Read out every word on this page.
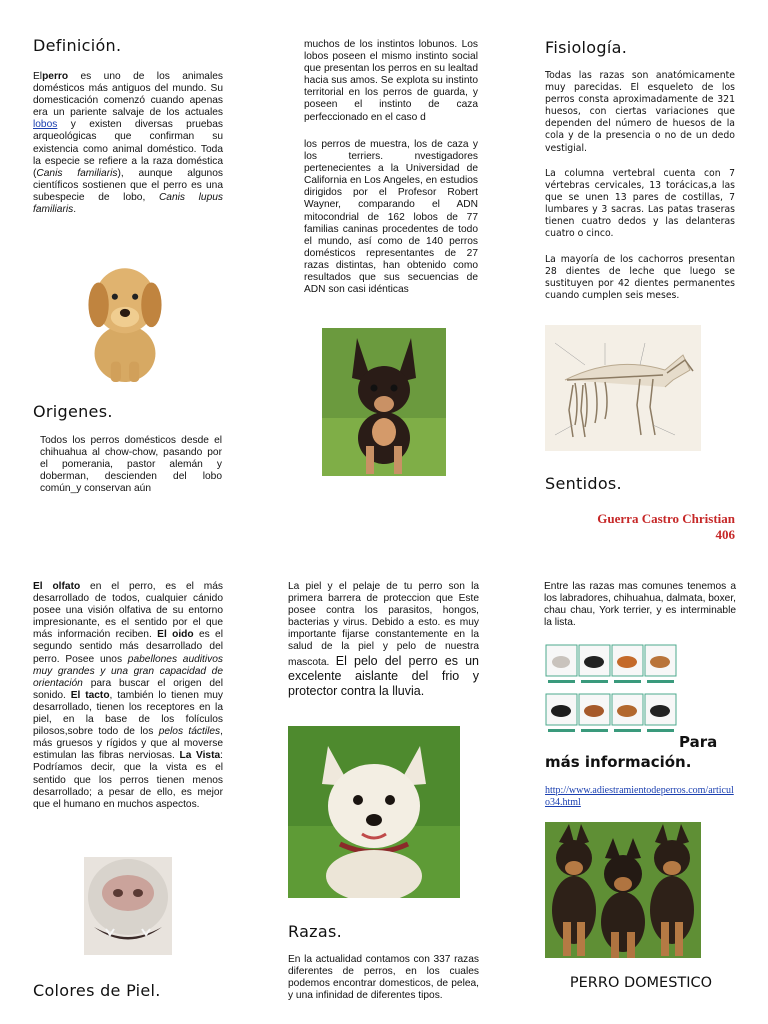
Definición.

Elperro es uno de los animales domésticos más antiguos del mundo. Su domesticación comenzó cuando apenas era un pariente salvaje de los actuales lobos y existen diversas pruebas arqueológicas que confirman su existencia como animal doméstico. Toda la especie se refiere a la raza doméstica (Canis familiaris), aunque algunos científicos sostienen que el perro es una subespecie de lobo, Canis lupus familiaris.

Origenes.

Todos los perros domésticos desde el chihuahua al chow-chow, pasando por el pomerania, pastor alemán y doberman, descienden del lobo común_y conservan aún

muchos de los instintos lobunos. Los lobos poseen el mismo instinto social que presentan los perros en su lealtad hacia sus amos. Se explota su instinto territorial en los perros de guarda, y poseen el instinto de caza perfeccionado en el caso d

los perros de muestra, los de caza y los terriers. nvestigadores pertenecientes a la Universidad de California en Los Angeles, en estudios dirigidos por el Profesor Robert Wayner, comparando el ADN mitocondrial de 162 lobos de 77 familias caninas procedentes de todo el mundo, así como de 140 perros domésticos representantes de 27 razas distintas, han obtenido como resultados que sus secuencias de ADN son casi idénticas

Fisiología.

Todas las razas son anatómicamente muy parecidas. El esqueleto de los perros consta aproximadamente de 321 huesos, con ciertas variaciones que dependen del número de huesos de la cola y de la presencia o no de un dedo vestigial.

La columna vertebral cuenta con 7 vértebras cervicales, 13 torácicas,a las que se unen 13 pares de costillas, 7 lumbares y 3 sacras. Las patas traseras tienen cuatro dedos y las delanteras cuatro o cinco.

La mayoría de los cachorros presentan 28 dientes de leche que luego se sustituyen por 42 dientes permanentes cuando cumplen seis meses.

Sentidos.
Guerra Castro Christian
406

El olfato en el perro, es el más desarrollado de todos, cualquier cánido posee una visión olfativa de su entorno impresionante, es el sentido por el que más información reciben. El oido es el segundo sentido más desarrollado del perro. Posee unos pabellones auditivos muy grandes y una gran capacidad de orientación para buscar el origen del sonido. El tacto, también lo tienen muy desarrollado, tienen los receptores en la piel, en la base de los folículos pilosos,sobre todo de los pelos táctiles, más gruesos y rígidos y que al moverse estimulan las fibras nerviosas. La Vista: Podríamos decir, que la vista es el sentido que los perros tienen menos desarrollado; a pesar de ello, es mejor que el humano en muchos aspectos.

Colores de Piel.

La piel y el pelaje de tu perro son la primera barrera de proteccion que Este posee contra los parasitos, hongos, bacterias y virus. Debido a esto. es muy importante fijarse constantemente en la salud de la piel y pelo de nuestra mascota. El pelo del perro es un excelente aislante del frio y protector contra la lluvia.

Razas.

En la actualidad contamos con 337 razas diferentes de perros, en los cuales podemos encontrar domesticos, de pelea, y una infinidad de diferentes tipos.

Entre las razas mas comunes tenemos a los labradores, chihuahua, dalmata, boxer, chau chau, York terrier, y es interminable la lista.

Para
más información.
http://www.adiestramientodeperros.com/articulo34.html
PERRO DOMESTICO
